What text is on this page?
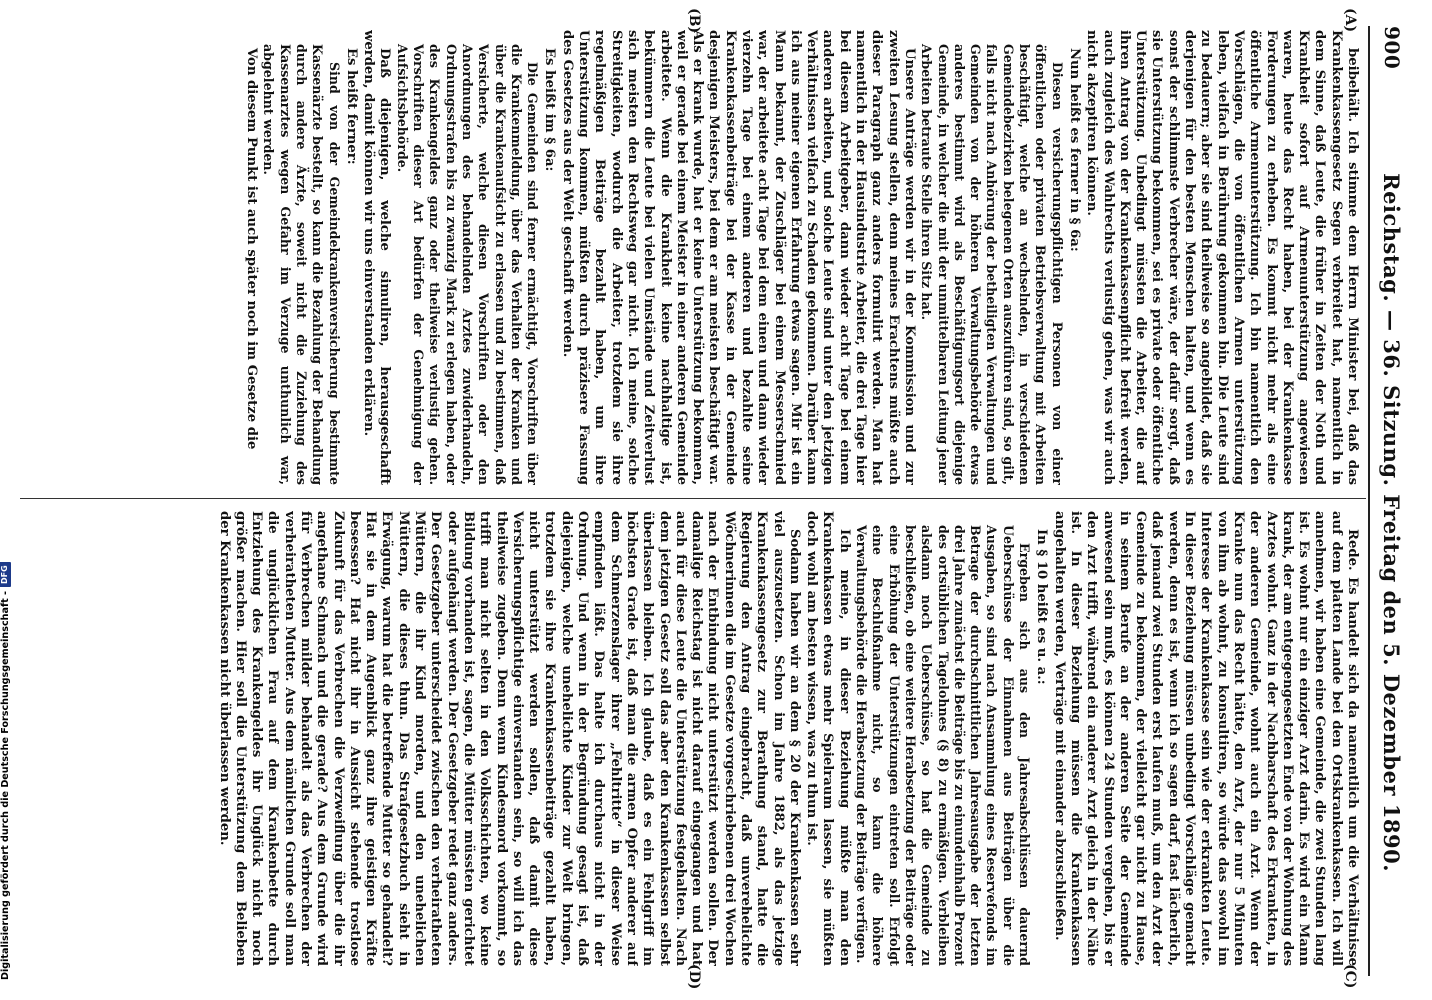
900
Reichstag. — 36. Sitzung. Freitag den 5. Dezember 1890.
(A)
(B)
(C)
(D)

beibehält. Ich stimme dem Herrn Minister bei, daß das Krankenkassengesetz Segen verbreitet hat, namentlich in dem Sinne, daß Leute, die früher in Zeiten der Noth und Krankheit sofort auf Armenunterstützung angewiesen waren, heute das Recht haben, bei der Krankenkasse Forderungen zu erheben. Es kommt nicht mehr als eine öffentliche Armenunterstützung. Ich bin namentlich den Vorschlägen, die von öffentlichen Armen unterstützung leben, vielfach in Berührung gekommen bin. Die Leute sind zu bedauern; aber sie sind theilweise so angebildet, daß sie derjenigen für den besten Menschen halten, und wenn es sonst der schlimmste Verbrecher wäre, der dafür sorgt, daß sie Unterstützung bekommen, sei es private oder öffentliche Unterstützung. Unbedingt müssten die Arbeiter, die auf ihren Antrag von der Krankenkassenpflicht befreit werden, auch zugleich des Wahlrechts verlustig gehen, was wir auch nicht akzeptiren können.

Nun heißt es ferner in § 6a:

Diesen versicherungspflichtigen Personen von einer öffentlichen oder privaten Betriebsverwaltung mit Arbeiten beschäftigt, welche an wechselnden, in verschiedenen Gemeindebezirken belegenen Orten auszuführen sind, so gilt, falls nicht nach Anhörung der betheiligten Verwaltungen und Gemeinden von der höheren Verwaltungsbehörde etwas anderes bestimmt wird als Beschäftigungsort diejenige Gemeinde, in welcher die mit der unmittelbaren Leitung jener Arbeiten betraute Stelle ihren Sitz hat.

Unsere Anträge werden wir in der Kommission und zur zweiten Lesung stellen, denn meines Erachtens müßte auch dieser Paragraph ganz anders formulirt werden. Man hat namentlich in der Hausindustrie Arbeiter, die drei Tage hier bei diesem Arbeitgeber, dann wieder acht Tage bei einem anderen arbeiten, und solche Leute sind unter den jetzigen Verhältnissen vielfach zu Schaden gekommen. Darüber kann ich aus meiner eigenen Erfahrung etwas sagen. Mir ist ein Mann bekannt, der Zuschläger bei einem Messerschmied war, der arbeitete acht Tage bei dem einen und dann wieder vierzehn Tage bei einem anderen und bezahlte seine Krankenkassenbeiträge bei der Kasse in der Gemeinde desjenigen Meisters, bei dem er am meisten beschäftigt war. Als er krank wurde, hat er keine Unterstützung bekommen, weil er gerade bei einem Meister in einer anderen Gemeinde arbeitete. Wenn die Krankheit keine nachhaltige ist, bekümmern die Leute bei vielen Umstände und Zeitverlust sich meisten den Rechtsweg gar nicht. Ich meine, solche Streitigkeiten, wodurch die Arbeiter, trotzdem sie ihre regelmäßigen Beiträge bezahlt haben, um ihre Unterstützung kommen, müßten durch präzisere Fassung des Gesetzes aus der Welt geschafft werden.

Es heißt im § 6a:

Die Gemeinden sind ferner ermächtigt, Vorschriften über die Krankenmeldung, über das Verhalten der Kranken und über die Krankenaufsicht zu erlassen und zu bestimmen, daß Versicherte, welche diesen Vorschriften oder den Anordnungen des behandelnden Arztes zuwiderhandeln, Ordnungsstrafen bis zu zwanzig Mark zu erlegen haben, oder des Krankengeldes ganz oder theilweise verlustig gehen. Vorschriften dieser Art bedürfen der Genehmigung der Aufsichtsbehörde.

Daß diejenigen, welche simuliren, herausgeschafft werden, damit können wir uns einverstanden erklären.

Es heißt ferner:

Sind von der Gemeindekrankenversicherung bestimmte Kassenärzte bestellt, so kann die Bezahlung der Behandlung durch andere Ärzte, soweit nicht die Zuziehung des Kassenarztes wegen Gefahr im Verzuge unthunlich war, abgelehnt werden.

Von diesem Punkt ist auch später noch im Gesetze die

Rede. Es handelt sich da namentlich um die Verhältnisse auf dem platten Lande bei den Ortskrankenkassen. Ich will annehmen, wir haben eine Gemeinde, die zwei Stunden lang ist. Es wohnt nur ein einziger Arzt darin. Es wird ein Mann krank, der am entgegengesetzten Ende von der Wohnung des Arztes wohnt. Ganz in der Nachbarschaft des Erkrankten, in der anderen Gemeinde, wohnt auch ein Arzt. Wenn der Kranke nun das Recht hätte, den Arzt, der nur 5 Minuten von ihm ab wohnt, zu konsultiren, so würde das sowohl im Interesse der Krankenkasse sein wie der erkrankten Leute. In dieser Beziehung müssen unbedingt Vorschläge gemacht werden, denn es ist, wenn ich so sagen darf, fast lächerlich, daß jemand zwei Stunden erst laufen muß, um den Arzt der Gemeinde zu bekommen, der vielleicht gar nicht zu Hause, in seinem Berufe an der anderen Seite der Gemeinde anwesend sein muß, es können 24 Stunden vergehen, bis er den Arzt trifft, während ein anderer Arzt gleich in der Nähe ist. In dieser Beziehung müssen die Krankenkassen angehalten werden, Verträge mit einander abzuschließen.

In § 10 heißt es u. a.:

Ergeben sich aus den Jahresabschlüssen dauernd Ueberschüsse der Einnahmen aus Beiträgen über die Ausgaben, so sind nach Ansammlung eines Reservefonds im Betrage der durchschnittlichen Jahresausgabe der letzten drei Jahre zunächst die Beiträge bis zu einundeinhalb Prozent des ortsüblichen Tagelohnes (§ 8) zu ermäßigen. Verbleiben alsdann noch Ueberschüsse, so hat die Gemeinde zu beschließen, ob eine weitere Herabsetzung der Beiträge oder eine Erhöhung der Unterstützungen eintreten soll. Erfolgt eine Beschlußnahme nicht, so kann die höhere Verwaltungsbehörde die Herabsetzung der Beiträge verfügen.

Ich meine, in dieser Beziehung müßte man den Krankenkassen etwas mehr Spielraum lassen, sie müßten doch wohl am besten wissen, was zu thun ist.

Sodann haben wir an dem § 20 der Krankenkassen sehr viel auszusetzen. Schon im Jahre 1882, als das jetzige Krankenkassengesetz zur Berathung stand, hatte die Regierung den Antrag eingebracht, daß unverehelichte Wöchnerinnen die im Gesetze vorgeschriebenen drei Wochen nach der Entbindung nicht unterstützt werden sollen. Der damalige Reichstag ist nicht darauf eingegangen und hat auch für diese Leute die Unterstützung festgehalten. Nach dem jetzigen Gesetz soll das aber den Krankenkassen selbst überlassen bleiben. Ich glaube, daß es ein Fehlgriff im höchsten Grade ist, daß man die armen Opfer anderer auf dem Schmerzenslager ihrer „Fehltritte“ in dieser Weise empfinden läßt. Das halte ich durchaus nicht in der Ordnung. Und wenn in der Begründung gesagt ist, daß diejenigen, welche unehelichte Kinder zur Welt bringen, trotzdem sie ihre Krankenkassenbeiträge gezahlt haben, nicht unterstützt werden sollen, daß damit diese Versicherungspflichtige einverstanden sein, so will ich das theilweise zugeben. Denn wenn Kindesmord vorkommt, so trifft man nicht selten in den Volksschichten, wo keine Bildung vorhanden ist, sagen, die Mütter müssten gerichtet oder aufgehängt werden. Der Gesetzgeber redet ganz anders. Der Gesetzgeber unterscheidet zwischen den verheiratheten Müttern, die ihr Kind morden, und den unehelichen Müttern, die dieses thun. Das Strafgesetzbuch sieht in Erwägung, warum hat die betreffende Mutter so gehandelt? Hat sie in dem Augenblick ganz ihre geistigen Kräfte besessen? Hat nicht ihr in Aussicht stehende trostlose Zukunft für das Verbrechen die Verzweiflung über die ihr angethane Schmach und die gerade? Aus dem Grunde wird für Verbrechen milder behandelt als das Verbrechen der verheiratheten Mutter. Aus dem nämlichen Grunde soll man die unglücklichen Frau auf dem Krankenbette durch Entziehung des Krankengeldes ihr Unglück nicht noch größer machen. Hier soll die Unterstützung dem Belieben der Krankenkassen nicht überlassen werden.

Digitalisierung gefördert durch die Deutsche Forschungsgemeinschaft -
DFG
